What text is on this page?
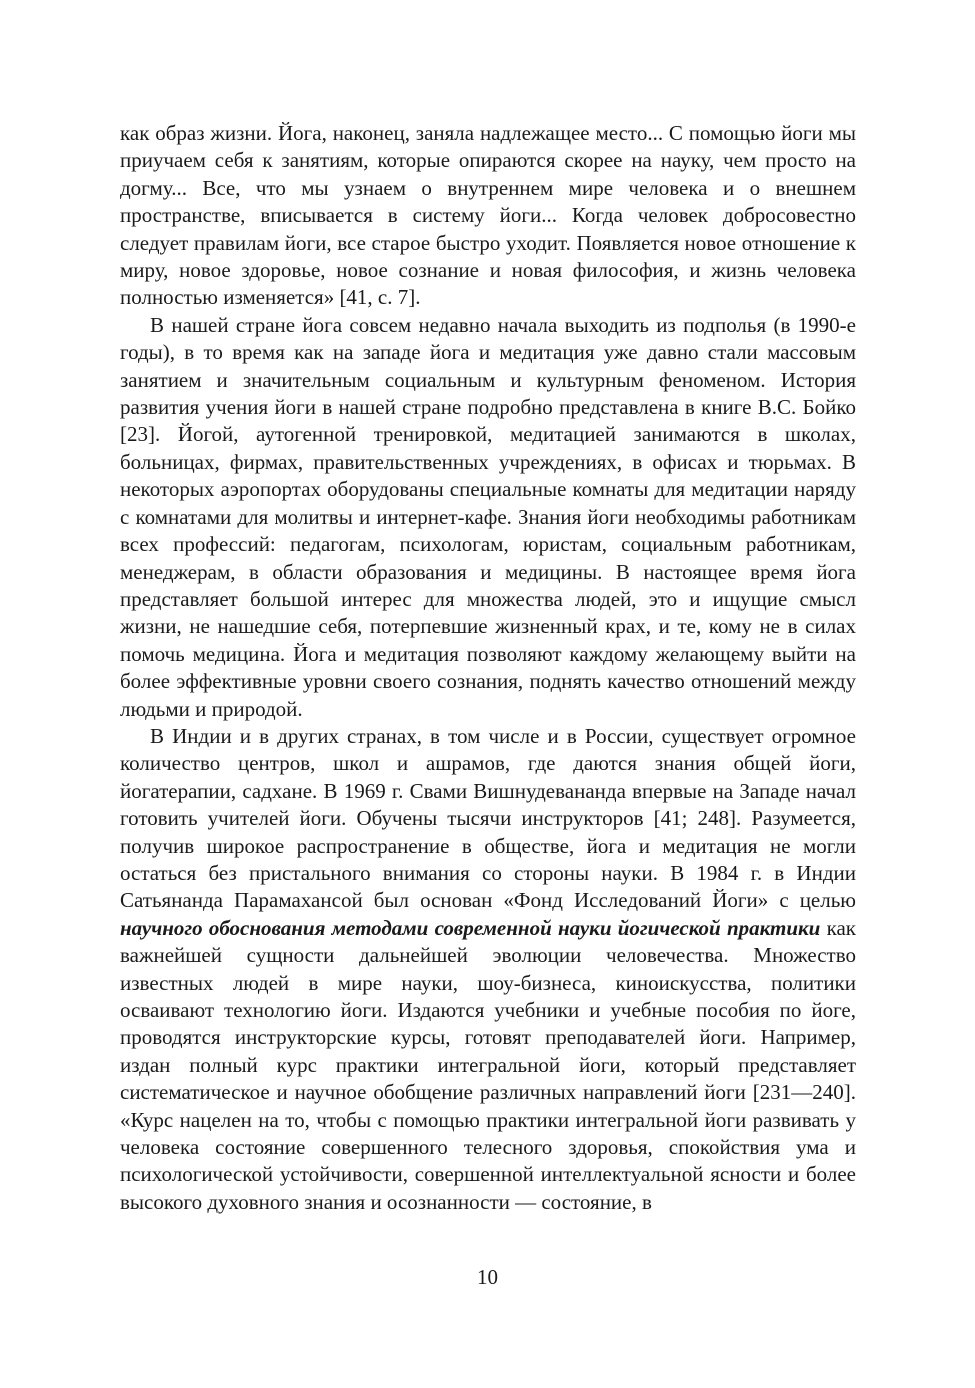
как образ жизни. Йога, наконец, заняла надлежащее место... С помощью йоги мы приучаем себя к занятиям, которые опираются скорее на науку, чем просто на догму... Все, что мы узнаем о внутреннем мире человека и о внешнем пространстве, вписывается в систему йоги... Когда человек добросовестно следует правилам йоги, все старое быстро уходит. Появляется новое отношение к миру, новое здоровье, новое сознание и новая философия, и жизнь человека полностью изменяется» [41, с. 7].

В нашей стране йога совсем недавно начала выходить из подполья (в 1990-е годы), в то время как на западе йога и медитация уже давно стали массовым занятием и значительным социальным и культурным феноменом. История развития учения йоги в нашей стране подробно представлена в книге В.С. Бойко [23]. Йогой, аутогенной тренировкой, медитацией занимаются в школах, больницах, фирмах, правительственных учреждениях, в офисах и тюрьмах. В некоторых аэропортах оборудованы специальные комнаты для медитации наряду с комнатами для молитвы и интернет-кафе. Знания йоги необходимы работникам всех профессий: педагогам, психологам, юристам, социальным работникам, менеджерам, в области образования и медицины. В настоящее время йога представляет большой интерес для множества людей, это и ищущие смысл жизни, не нашедшие себя, потерпевшие жизненный крах, и те, кому не в силах помочь медицина. Йога и медитация позволяют каждому желающему выйти на более эффективные уровни своего сознания, поднять качество отношений между людьми и природой.

В Индии и в других странах, в том числе и в России, существует огромное количество центров, школ и ашрамов, где даются знания общей йоги, йогатерапии, садхане. В 1969 г. Свами Вишнудевананда впервые на Западе начал готовить учителей йоги. Обучены тысячи инструкторов [41; 248]. Разумеется, получив широкое распространение в обществе, йога и медитация не могли остаться без пристального внимания со стороны науки. В 1984 г. в Индии Сатьянанда Парамахансой был основан «Фонд Исследований Йоги» с целью научного обоснования методами современной науки йогической практики как важнейшей сущности дальнейшей эволюции человечества. Множество известных людей в мире науки, шоу-бизнеса, киноискусства, политики осваивают технологию йоги. Издаются учебники и учебные пособия по йоге, проводятся инструкторские курсы, готовят преподавателей йоги. Например, издан полный курс практики интегральной йоги, который представляет систематическое и научное обобщение различных направлений йоги [231—240]. «Курс нацелен на то, чтобы с помощью практики интегральной йоги развивать у человека состояние совершенного телесного здоровья, спокойствия ума и психологической устойчивости, совершенной интеллектуальной ясности и более высокого духовного знания и осознанности — состояние, в

10
